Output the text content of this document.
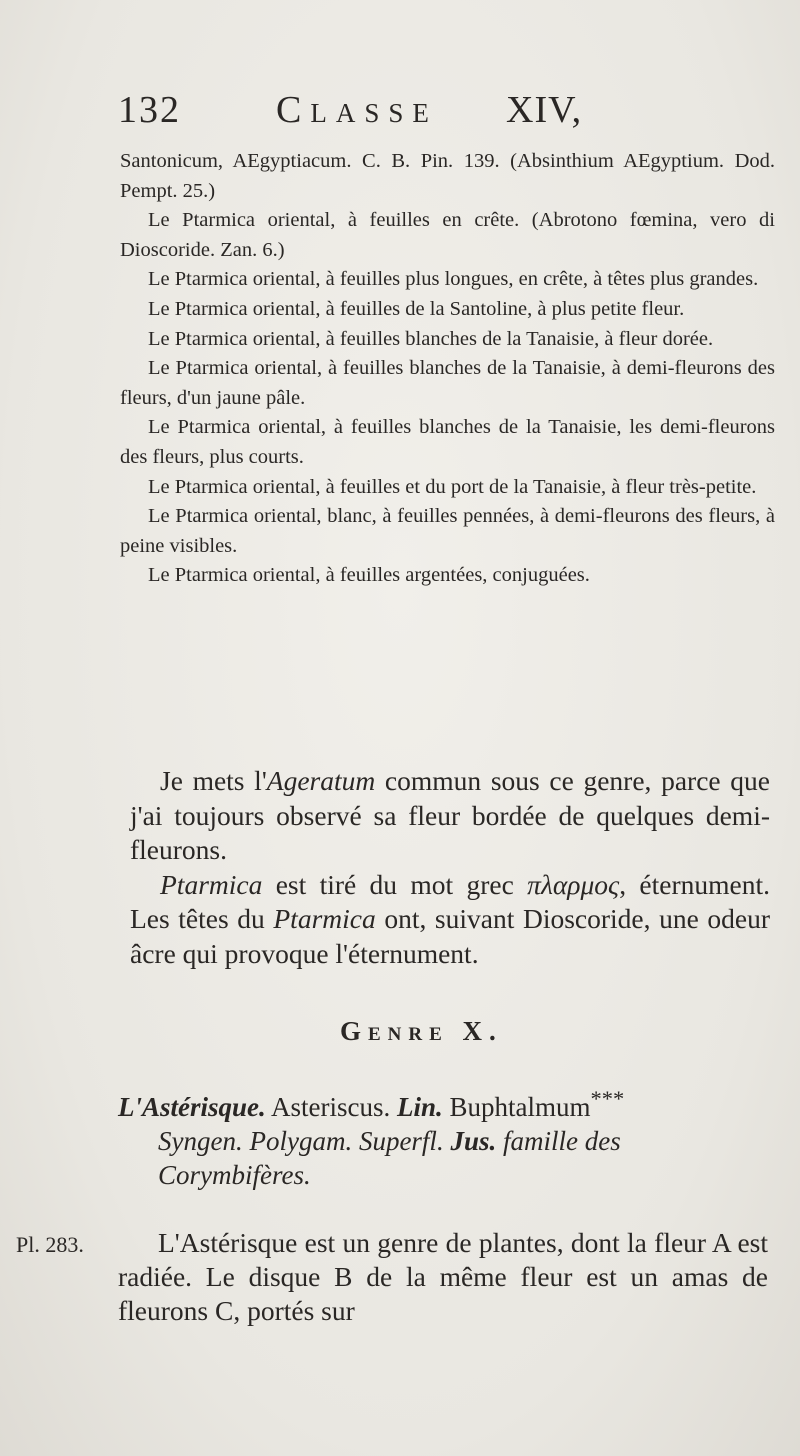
132	Classe XIV,

Santonicum, AEgyptiacum. C. B. Pin. 139. (Absinthium AEgyptium. Dod. Pempt. 25.)

Le Ptarmica oriental, à feuilles en crête. (Abrotono fœmina, vero di Dioscoride. Zan. 6.)

Le Ptarmica oriental, à feuilles plus longues, en crête, à têtes plus grandes.

Le Ptarmica oriental, à feuilles de la Santoline, à plus petite fleur.

Le Ptarmica oriental, à feuilles blanches de la Tanaisie, à fleur dorée.

Le Ptarmica oriental, à feuilles blanches de la Tanaisie, à demi-fleurons des fleurs, d'un jaune pâle.

Le Ptarmica oriental, à feuilles blanches de la Tanaisie, les demi-fleurons des fleurs, plus courts.

Le Ptarmica oriental, à feuilles et du port de la Tanaisie, à fleur très-petite.

Le Ptarmica oriental, blanc, à feuilles pennées, à demi-fleurons des fleurs, à peine visibles.

Le Ptarmica oriental, à feuilles argentées, conjuguées.

Je mets l'Ageratum commun sous ce genre, parce que j'ai toujours observé sa fleur bordée de quelques demi-fleurons.

Ptarmica est tiré du mot grec πλαρμος, éternument. Les têtes du Ptarmica ont, suivant Dioscoride, une odeur âcre qui provoque l'éternument.

Genre X.

L'Astérisque. Asteriscus. Lin. Buphtalmum***

Syngen. Polygam. Superfl. Jus. famille des

Corymbifères.

Pl. 283.	L'Astérisque est un genre de plantes, dont la fleur A est radiée. Le disque B de la même fleur est un amas de fleurons C, portés sur
